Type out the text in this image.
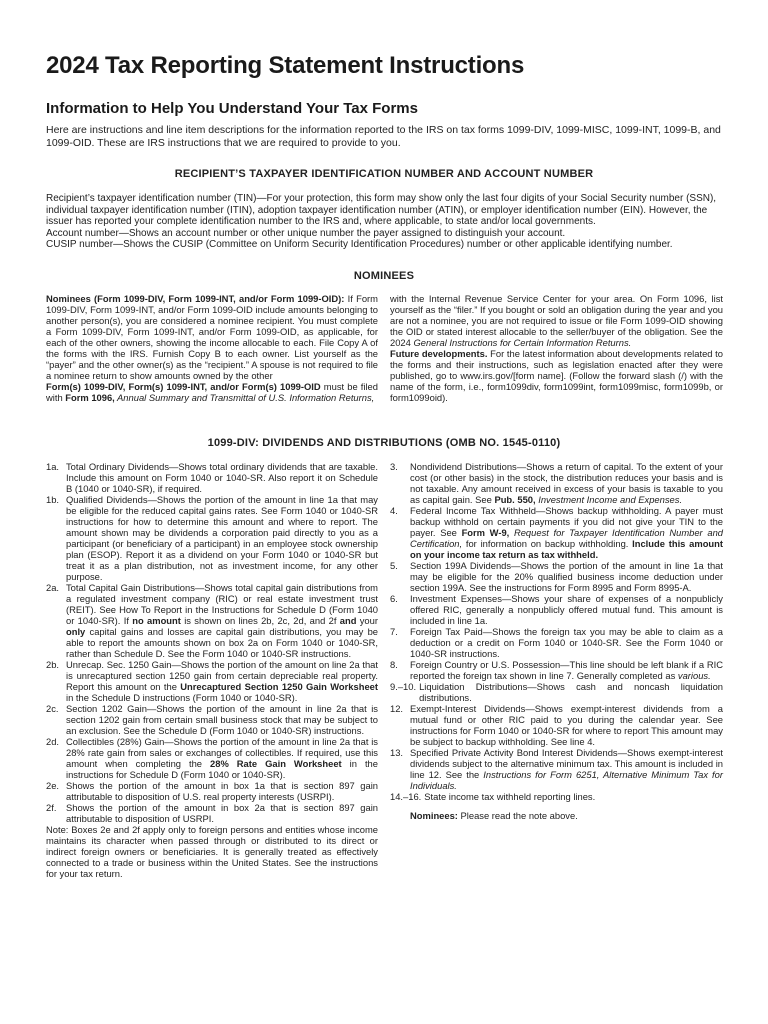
2024 Tax Reporting Statement Instructions
Information to Help You Understand Your Tax Forms

Here are instructions and line item descriptions for the information reported to the IRS on tax forms 1099-DIV, 1099-MISC, 1099-INT, 1099-B, and 1099-OID. These are IRS instructions that we are required to provide to you.

RECIPIENT’S TAXPAYER IDENTIFICATION NUMBER AND ACCOUNT NUMBER

Recipient’s taxpayer identification number (TIN)—For your protection, this form may show only the last four digits of your Social Security number (SSN), individual taxpayer identification number (ITIN), adoption taxpayer identification number (ATIN), or employer identification number (EIN). However, the issuer has reported your complete identification number to the IRS and, where applicable, to state and/or local governments.

Account number—Shows an account number or other unique number the payer assigned to distinguish your account.

CUSIP number—Shows the CUSIP (Committee on Uniform Security Identification Procedures) number or other applicable identifying number.

NOMINEES

Nominees (Form 1099-DIV, Form 1099-INT, and/or Form 1099-OID): If Form 1099-DIV, Form 1099-INT, and/or Form 1099-OID include amounts belonging to another person(s), you are considered a nominee recipient. You must complete a Form 1099-DIV, Form 1099-INT, and/or Form 1099-OID, as applicable, for each of the other owners, showing the income allocable to each. File Copy A of the forms with the IRS. Furnish Copy B to each owner. List yourself as the “payer” and the other owner(s) as the “recipient.” A spouse is not required to file a nominee return to show amounts owned by the other

Form(s) 1099-DIV, Form(s) 1099-INT, and/or Form(s) 1099-OID must be filed with Form 1096, Annual Summary and Transmittal of U.S. Information Returns,

with the Internal Revenue Service Center for your area. On Form 1096, list yourself as the “filer.” If you bought or sold an obligation during the year and you are not a nominee, you are not required to issue or file Form 1099-OID showing the OID or stated interest allocable to the seller/buyer of the obligation. See the 2024 General Instructions for Certain Information Returns.

Future developments. For the latest information about developments related to the forms and their instructions, such as legislation enacted after they were published, go to www.irs.gov/[form name]. (Follow the forward slash (/) with the name of the form, i.e., form1099div, form1099int, form1099misc, form1099b, or form1099oid).

1099-DIV: DIVIDENDS AND DISTRIBUTIONS (OMB NO. 1545-0110)

1a. Total Ordinary Dividends—Shows total ordinary dividends that are taxable. Include this amount on Form 1040 or 1040-SR. Also report it on Schedule B (1040 or 1040-SR), if required.
1b. Qualified Dividends—Shows the portion of the amount in line 1a that may be eligible for the reduced capital gains rates. See Form 1040 or 1040-SR instructions for how to determine this amount and where to report. The amount shown may be dividends a corporation paid directly to you as a participant (or beneficiary of a participant) in an employee stock ownership plan (ESOP). Report it as a dividend on your Form 1040 or 1040-SR but treat it as a plan distribution, not as investment income, for any other purpose.
2a. Total Capital Gain Distributions—Shows total capital gain distributions from a regulated investment company (RIC) or real estate investment trust (REIT). See How To Report in the Instructions for Schedule D (Form 1040 or 1040-SR). If no amount is shown on lines 2b, 2c, 2d, and 2f and your only capital gains and losses are capital gain distributions, you may be able to report the amounts shown on box 2a on Form 1040 or 1040-SR, rather than Schedule D. See the Form 1040 or 1040-SR instructions.
2b. Unrecap. Sec. 1250 Gain—Shows the portion of the amount on line 2a that is unrecaptured section 1250 gain from certain depreciable real property. Report this amount on the Unrecaptured Section 1250 Gain Worksheet in the Schedule D instructions (Form 1040 or 1040-SR).
2c. Section 1202 Gain—Shows the portion of the amount in line 2a that is section 1202 gain from certain small business stock that may be subject to an exclusion. See the Schedule D (Form 1040 or 1040-SR) instructions.
2d. Collectibles (28%) Gain—Shows the portion of the amount in line 2a that is 28% rate gain from sales or exchanges of collectibles. If required, use this amount when completing the 28% Rate Gain Worksheet in the instructions for Schedule D (Form 1040 or 1040-SR).
2e. Shows the portion of the amount in box 1a that is section 897 gain attributable to disposition of U.S. real property interests (USRPI).
2f.	Shows the portion of the amount in box 2a that is section 897 gain attributable to disposition of USRPI.

Note: Boxes 2e and 2f apply only to foreign persons and entities whose income maintains its character when passed through or distributed to its direct or indirect foreign owners or beneficiaries. It is generally treated as effectively connected to a trade or business within the United States. See the instructions for your tax return.

3.	Nondividend Distributions—Shows a return of capital. To the extent of your cost (or other basis) in the stock, the distribution reduces your basis and is not taxable. Any amount received in excess of your basis is taxable to you as capital gain. See Pub. 550, Investment Income and Expenses.
4.	Federal Income Tax Withheld—Shows backup withholding. A payer must backup withhold on certain payments if you did not give your TIN to the payer. See Form W-9, Request for Taxpayer Identification Number and Certification, for information on backup withholding. Include this amount on your income tax return as tax withheld.
5.	Section 199A Dividends—Shows the portion of the amount in line 1a that may be eligible for the 20% qualified business income deduction under section 199A. See the instructions for Form 8995 and Form 8995-A.
6.	Investment Expenses—Shows your share of expenses of a nonpublicly offered RIC, generally a nonpublicly offered mutual fund. This amount is included in line 1a.
7.	Foreign Tax Paid—Shows the foreign tax you may be able to claim as a deduction or a credit on Form 1040 or 1040-SR. See the Form 1040 or 1040-SR instructions.
8.	Foreign Country or U.S. Possession—This line should be left blank if a RIC reported the foreign tax shown in line 7. Generally completed as various.
9.–10. Liquidation Distributions—Shows cash and noncash liquidation distributions.
12. Exempt-Interest Dividends—Shows exempt-interest dividends from a mutual fund or other RIC paid to you during the calendar year. See instructions for Form 1040 or 1040-SR for where to report This amount may be subject to backup withholding. See line 4.
13. Specified Private Activity Bond Interest Dividends—Shows exempt-interest dividends subject to the alternative minimum tax. This amount is included in line 12. See the Instructions for Form 6251, Alternative Minimum Tax for Individuals.
14.–16. State income tax withheld reporting lines.

Nominees: Please read the note above.
